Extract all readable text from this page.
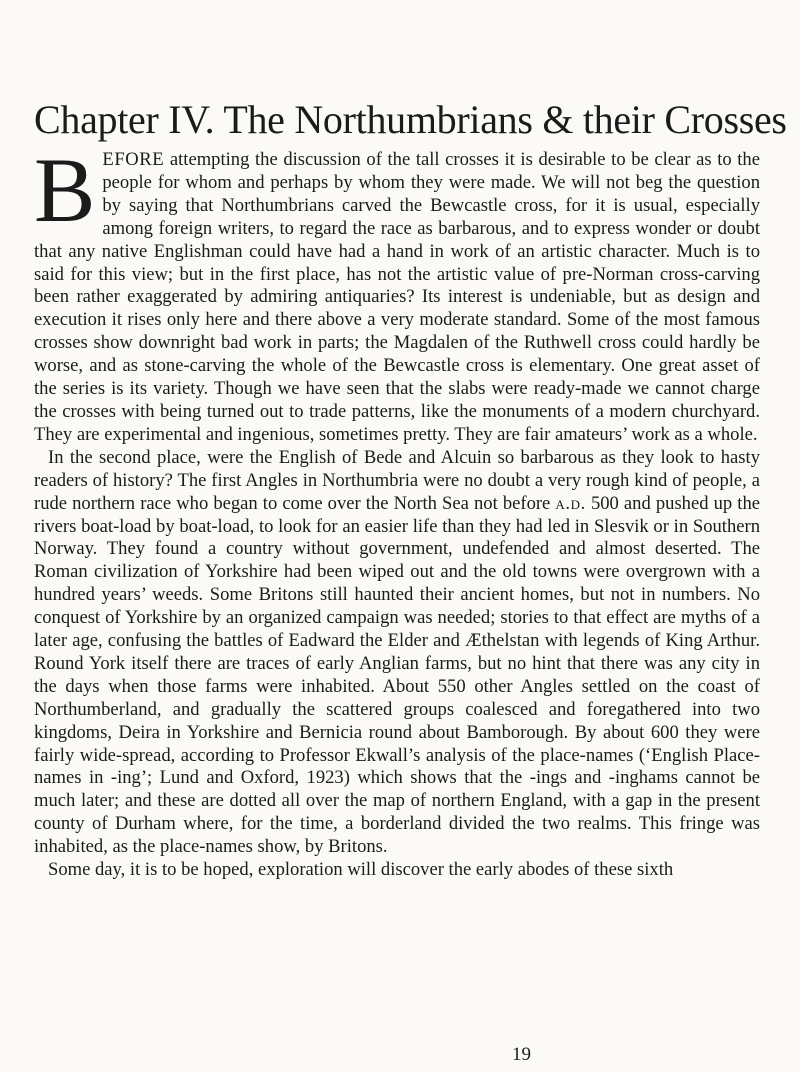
Chapter IV. The Northumbrians & their Crosses

BEFORE attempting the discussion of the tall crosses it is desirable to be clear as to the people for whom and perhaps by whom they were made. We will not beg the question by saying that Northumbrians carved the Bewcastle cross, for it is usual, especially among foreign writers, to regard the race as barbarous, and to express wonder or doubt that any native Englishman could have had a hand in work of an artistic character. Much is to said for this view; but in the first place, has not the artistic value of pre-Norman cross-carving been rather exaggerated by admiring antiquaries? Its interest is undeniable, but as design and execution it rises only here and there above a very moderate standard. Some of the most famous crosses show downright bad work in parts; the Magdalen of the Ruthwell cross could hardly be worse, and as stone-carving the whole of the Bewcastle cross is elementary. One great asset of the series is its variety. Though we have seen that the slabs were ready-made we cannot charge the crosses with being turned out to trade patterns, like the monuments of a modern churchyard. They are experimental and ingenious, sometimes pretty. They are fair amateurs’ work as a whole.

In the second place, were the English of Bede and Alcuin so barbarous as they look to hasty readers of history? The first Angles in Northumbria were no doubt a very rough kind of people, a rude northern race who began to come over the North Sea not before a.d. 500 and pushed up the rivers boat-load by boat-load, to look for an easier life than they had led in Slesvik or in Southern Norway. They found a country without government, undefended and almost deserted. The Roman civilization of Yorkshire had been wiped out and the old towns were overgrown with a hundred years’ weeds. Some Britons still haunted their ancient homes, but not in numbers. No conquest of Yorkshire by an organized campaign was needed; stories to that effect are myths of a later age, confusing the battles of Eadward the Elder and Æthelstan with legends of King Arthur. Round York itself there are traces of early Anglian farms, but no hint that there was any city in the days when those farms were inhabited. About 550 other Angles settled on the coast of Northumberland, and gradually the scattered groups coalesced and foregathered into two kingdoms, Deira in Yorkshire and Bernicia round about Bamborough. By about 600 they were fairly wide-spread, according to Professor Ekwall’s analysis of the place-names (‘English Place-names in -ing’; Lund and Oxford, 1923) which shows that the -ings and -inghams cannot be much later; and these are dotted all over the map of northern England, with a gap in the present county of Durham where, for the time, a borderland divided the two realms. This fringe was inhabited, as the place-names show, by Britons.

Some day, it is to be hoped, exploration will discover the early abodes of these sixth

19
